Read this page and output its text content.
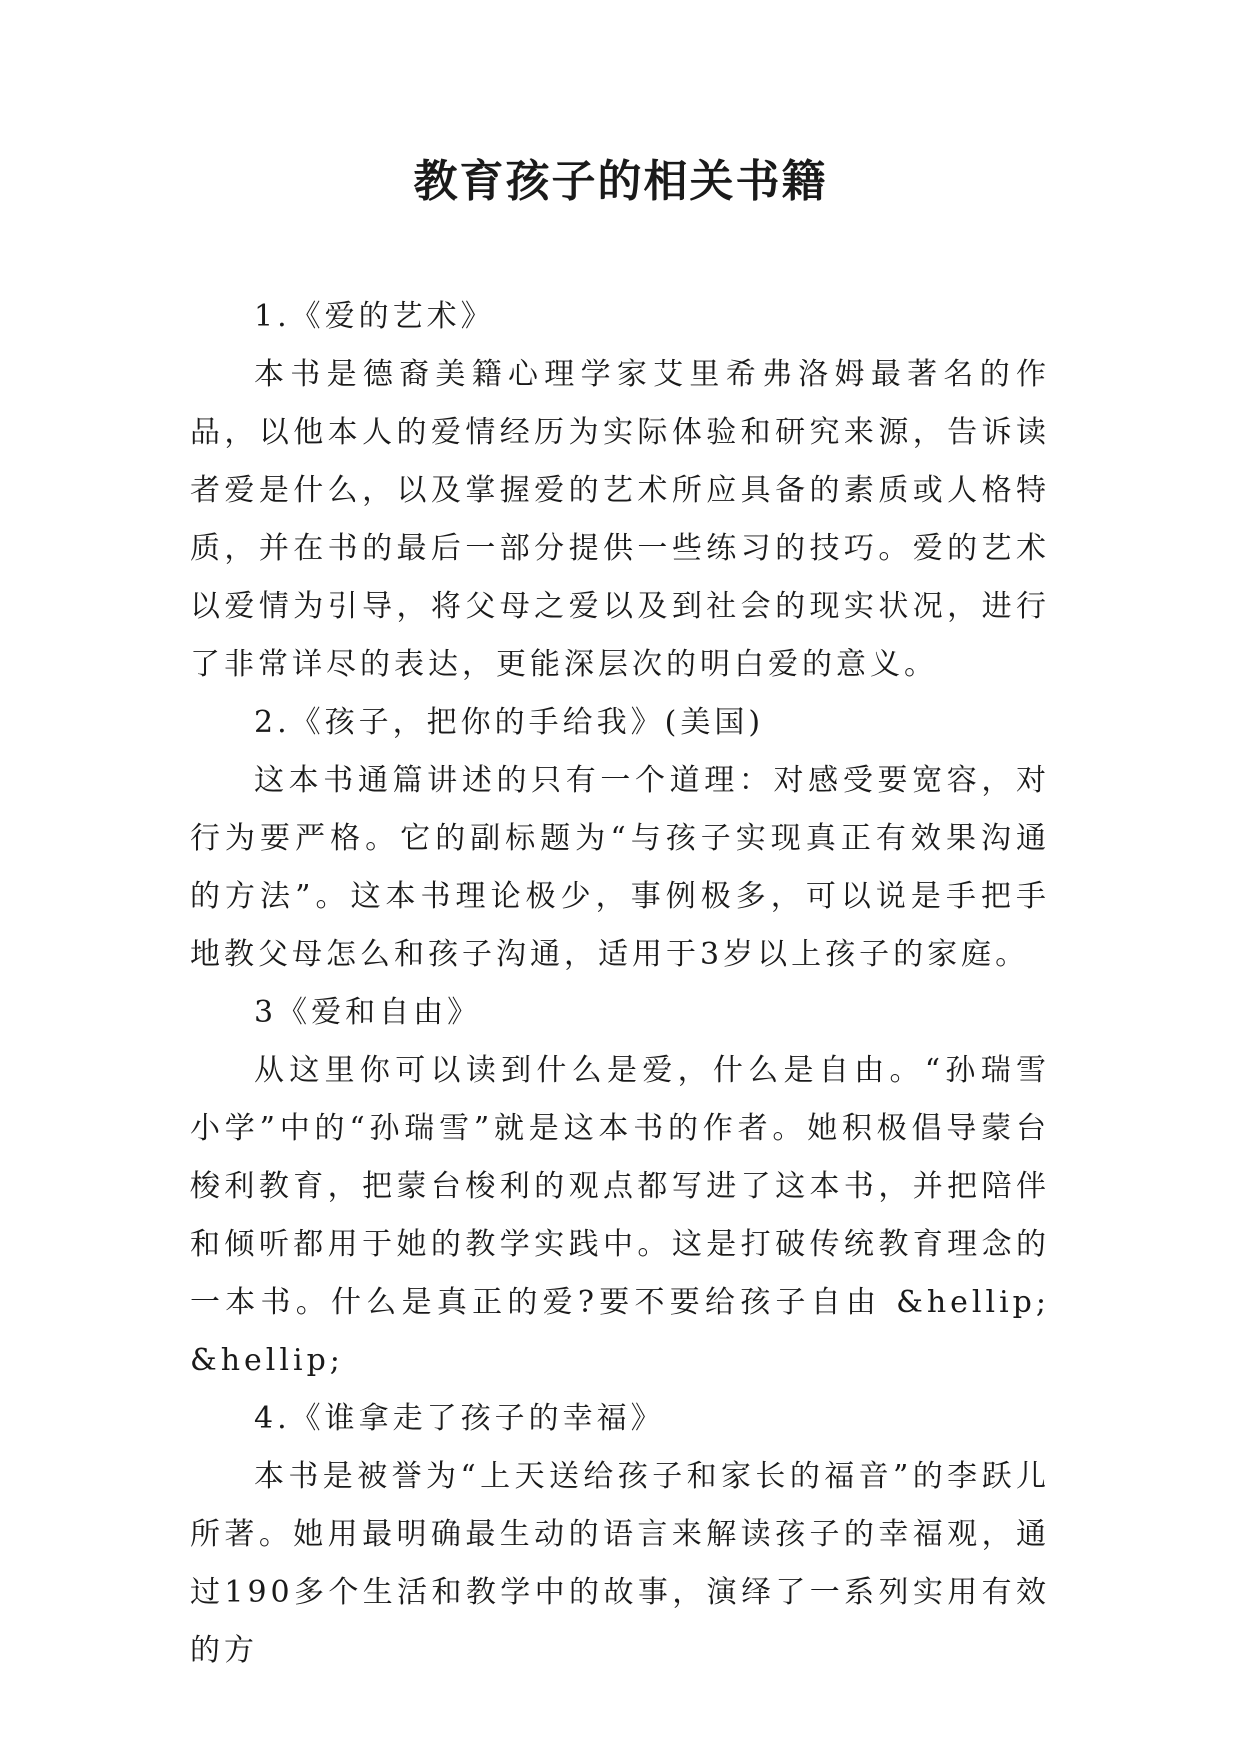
教育孩子的相关书籍

1.《爱的艺术》

本书是德裔美籍心理学家艾里希弗洛姆最著名的作品，以他本人的爱情经历为实际体验和研究来源，告诉读者爱是什么，以及掌握爱的艺术所应具备的素质或人格特质，并在书的最后一部分提供一些练习的技巧。爱的艺术以爱情为引导，将父母之爱以及到社会的现实状况，进行了非常详尽的表达，更能深层次的明白爱的意义。

2.《孩子，把你的手给我》(美国)

这本书通篇讲述的只有一个道理：对感受要宽容，对行为要严格。它的副标题为“与孩子实现真正有效果沟通的方法”。这本书理论极少，事例极多，可以说是手把手地教父母怎么和孩子沟通，适用于3岁以上孩子的家庭。

3《爱和自由》

从这里你可以读到什么是爱，什么是自由。“孙瑞雪小学”中的“孙瑞雪”就是这本书的作者。她积极倡导蒙台梭利教育，把蒙台梭利的观点都写进了这本书，并把陪伴和倾听都用于她的教学实践中。这是打破传统教育理念的一本书。什么是真正的爱?要不要给孩子自由 &hellip;&hellip;

4.《谁拿走了孩子的幸福》

本书是被誉为“上天送给孩子和家长的福音”的李跃儿所著。她用最明确最生动的语言来解读孩子的幸福观，通过190多个生活和教学中的故事，演绎了一系列实用有效的方
